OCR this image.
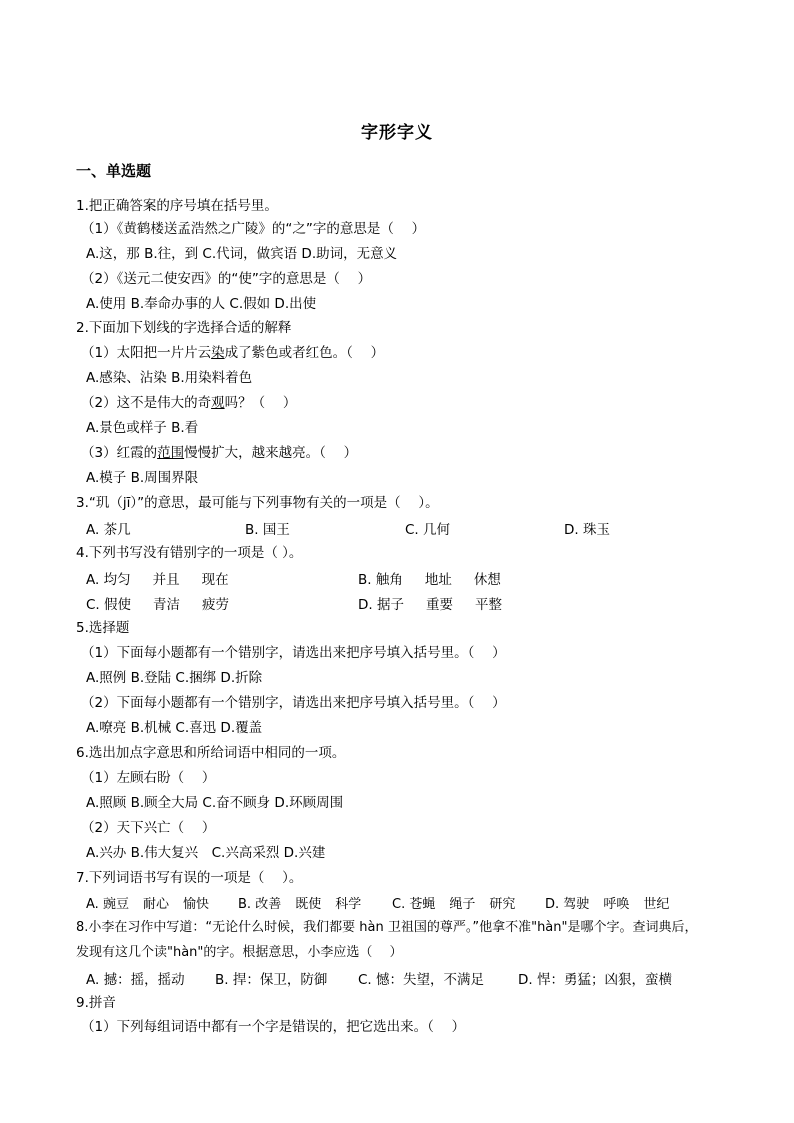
字形字义
一、单选题
1.把正确答案的序号填在括号里。
（1）《黄鹤楼送孟浩然之广陵》的“之”字的意思是（　 ）
A.这，那 B.往，到 C.代词，做宾语 D.助词，无意义
（2）《送元二使安西》的“使”字的意思是（　 ）
A.使用 B.奉命办事的人 C.假如 D.出使
2.下面加下划线的字选择合适的解释
（1）太阳把一片片云染成了紫色或者红色。（　 ）
A.感染、沾染 B.用染料着色
（2）这不是伟大的奇观吗？（　 ）
A.景色或样子 B.看
（3）红霞的范围慢慢扩大，越来越亮。（　 ）
A.模子 B.周围界限
3.“玑（jī）”的意思，最可能与下列事物有关的一项是（　 ）。
A. 茶几	B. 国王	C. 几何	D. 珠玉
4.下列书写没有错别字的一项是（ ）。
A. 均匀 并且 现在	B. 触角 地址 休想
C. 假使 青洁 疲劳	D. 据子 重要 平整
5.选择题
（1）下面每小题都有一个错别字，请选出来把序号填入括号里。（　 ）
A.照例 B.登陆 C.捆绑 D.折除
（2）下面每小题都有一个错别字，请选出来把序号填入括号里。（　 ）
A.嘹亮 B.机械 C.喜迅 D.覆盖
6.选出加点字意思和所给词语中相同的一项。
（1）左顾右盼（　 ）
A.照顾 B.顾全大局 C.奋不顾身 D.环顾周围
（2）天下兴亡（　 ）
A.兴办 B.伟大复兴　C.兴高采烈 D.兴建
7.下列词语书写有误的一项是（　 ）。
A. 豌豆 耐心 愉快 B. 改善 既使 科学 C. 苍蝇 绳子 研究 D. 驾驶 呼唤 世纪
8.小李在习作中写道：“无论什么时候，我们都要 hàn 卫祖国的尊严。”他拿不准"hàn"是哪个字。查词典后，
发现有这几个读"hàn"的字。根据意思，小李应选（　 ）
A. 撼：摇，摇动 B. 捍：保卫，防御 C. 憾：失望，不满足	D. 悍：勇猛；凶狠，蛮横
9.拼音
（1）下列每组词语中都有一个字是错误的，把它选出来。（　 ）
